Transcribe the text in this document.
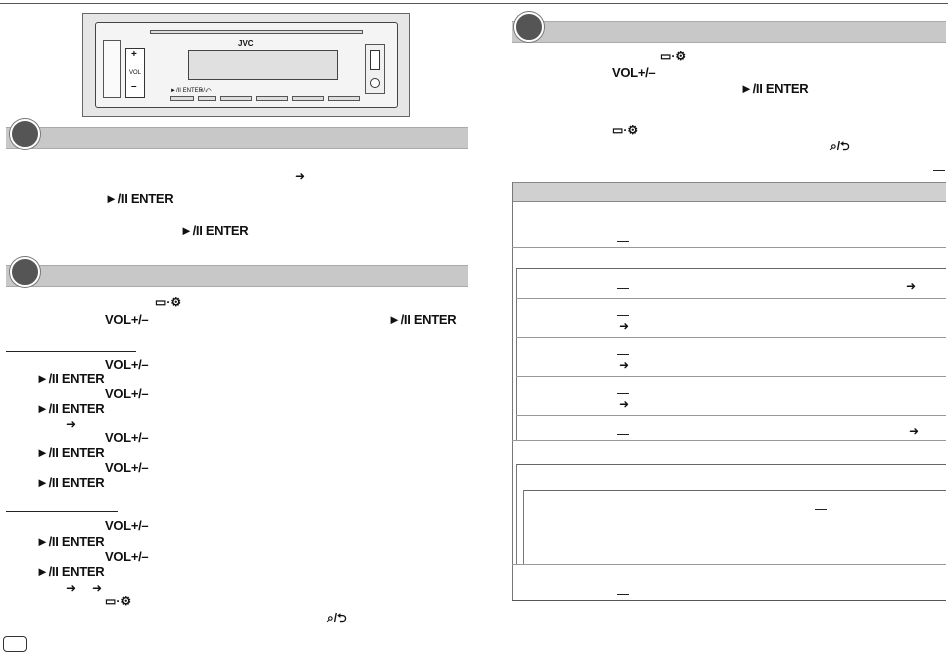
+
VOL
–
JVC
►/II ENTER
⌕/↶
➜
►/II ENTER
►/II ENTER
▭·⚙
VOL+/–	►/II ENTER
VOL+/–
►/II ENTER
VOL+/–
►/II ENTER
➜
VOL+/–
►/II ENTER
VOL+/–
►/II ENTER
VOL+/–
►/II ENTER
VOL+/–
►/II ENTER
➜ ➜
▭·⚙
⌕/⮌
▭·⚙
VOL+/–
►/II ENTER
▭·⚙
⌕/⮌
➜
➜
➜
➜
➜
